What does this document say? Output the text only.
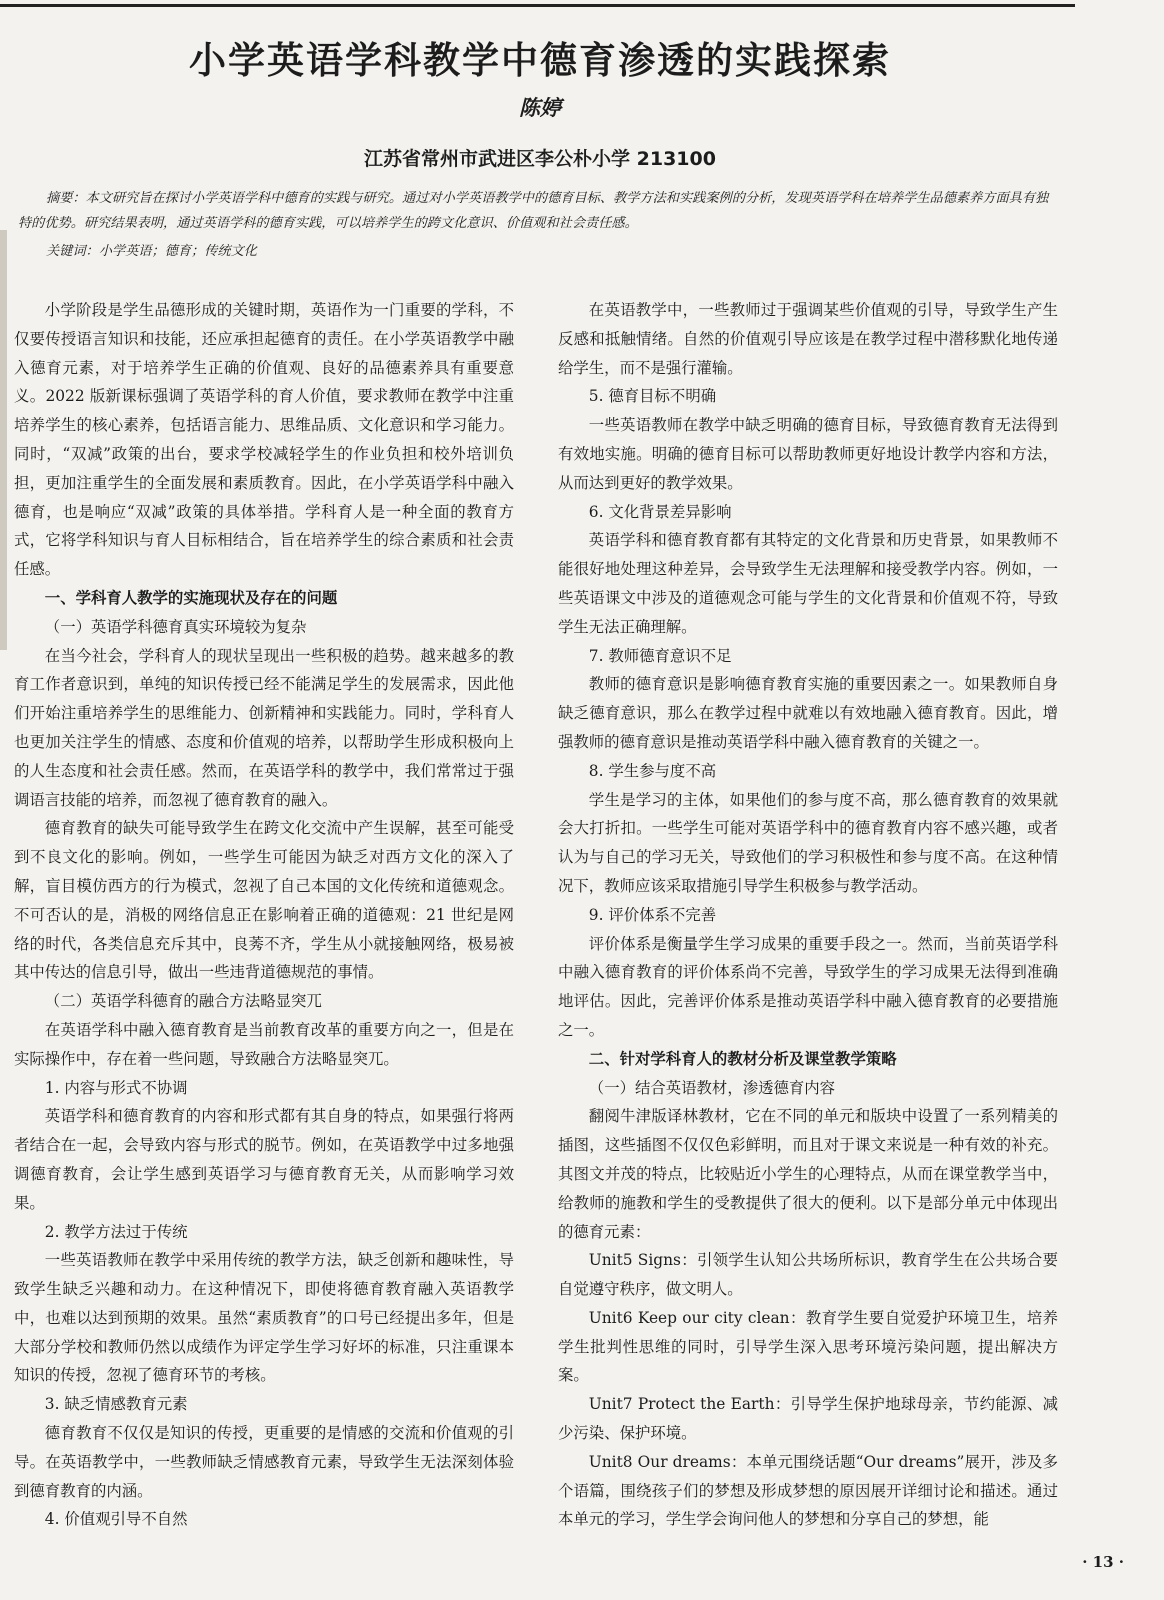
小学英语学科教学中德育渗透的实践探索
陈婷
江苏省常州市武进区李公朴小学 213100

摘要：本文研究旨在探讨小学英语学科中德育的实践与研究。通过对小学英语教学中的德育目标、教学方法和实践案例的分析，发现英语学科在培养学生品德素养方面具有独特的优势。研究结果表明，通过英语学科的德育实践，可以培养学生的跨文化意识、价值观和社会责任感。

关键词：小学英语；德育；传统文化

小学阶段是学生品德形成的关键时期，英语作为一门重要的学科，不仅要传授语言知识和技能，还应承担起德育的责任。在小学英语教学中融入德育元素，对于培养学生正确的价值观、良好的品德素养具有重要意义。2022 版新课标强调了英语学科的育人价值，要求教师在教学中注重培养学生的核心素养，包括语言能力、思维品质、文化意识和学习能力。同时，“双减”政策的出台，要求学校减轻学生的作业负担和校外培训负担，更加注重学生的全面发展和素质教育。因此，在小学英语学科中融入德育，也是响应“双减”政策的具体举措。学科育人是一种全面的教育方式，它将学科知识与育人目标相结合，旨在培养学生的综合素质和社会责任感。

一、学科育人教学的实施现状及存在的问题

（一）英语学科德育真实环境较为复杂

在当今社会，学科育人的现状呈现出一些积极的趋势。越来越多的教育工作者意识到，单纯的知识传授已经不能满足学生的发展需求，因此他们开始注重培养学生的思维能力、创新精神和实践能力。同时，学科育人也更加关注学生的情感、态度和价值观的培养，以帮助学生形成积极向上的人生态度和社会责任感。然而，在英语学科的教学中，我们常常过于强调语言技能的培养，而忽视了德育教育的融入。

德育教育的缺失可能导致学生在跨文化交流中产生误解，甚至可能受到不良文化的影响。例如，一些学生可能因为缺乏对西方文化的深入了解，盲目模仿西方的行为模式，忽视了自己本国的文化传统和道德观念。不可否认的是，消极的网络信息正在影响着正确的道德观：21 世纪是网络的时代，各类信息充斥其中，良莠不齐，学生从小就接触网络，极易被其中传达的信息引导，做出一些违背道德规范的事情。

（二）英语学科德育的融合方法略显突兀

在英语学科中融入德育教育是当前教育改革的重要方向之一，但是在实际操作中，存在着一些问题，导致融合方法略显突兀。

1. 内容与形式不协调

英语学科和德育教育的内容和形式都有其自身的特点，如果强行将两者结合在一起，会导致内容与形式的脱节。例如，在英语教学中过多地强调德育教育，会让学生感到英语学习与德育教育无关，从而影响学习效果。

2. 教学方法过于传统

一些英语教师在教学中采用传统的教学方法，缺乏创新和趣味性，导致学生缺乏兴趣和动力。在这种情况下，即使将德育教育融入英语教学中，也难以达到预期的效果。虽然“素质教育”的口号已经提出多年，但是大部分学校和教师仍然以成绩作为评定学生学习好坏的标准，只注重课本知识的传授，忽视了德育环节的考核。

3. 缺乏情感教育元素

德育教育不仅仅是知识的传授，更重要的是情感的交流和价值观的引导。在英语教学中，一些教师缺乏情感教育元素，导致学生无法深刻体验到德育教育的内涵。

4. 价值观引导不自然

在英语教学中，一些教师过于强调某些价值观的引导，导致学生产生反感和抵触情绪。自然的价值观引导应该是在教学过程中潜移默化地传递给学生，而不是强行灌输。

5. 德育目标不明确

一些英语教师在教学中缺乏明确的德育目标，导致德育教育无法得到有效地实施。明确的德育目标可以帮助教师更好地设计教学内容和方法，从而达到更好的教学效果。

6. 文化背景差异影响

英语学科和德育教育都有其特定的文化背景和历史背景，如果教师不能很好地处理这种差异，会导致学生无法理解和接受教学内容。例如，一些英语课文中涉及的道德观念可能与学生的文化背景和价值观不符，导致学生无法正确理解。

7. 教师德育意识不足

教师的德育意识是影响德育教育实施的重要因素之一。如果教师自身缺乏德育意识，那么在教学过程中就难以有效地融入德育教育。因此，增强教师的德育意识是推动英语学科中融入德育教育的关键之一。

8. 学生参与度不高

学生是学习的主体，如果他们的参与度不高，那么德育教育的效果就会大打折扣。一些学生可能对英语学科中的德育教育内容不感兴趣，或者认为与自己的学习无关，导致他们的学习积极性和参与度不高。在这种情况下，教师应该采取措施引导学生积极参与教学活动。

9. 评价体系不完善

评价体系是衡量学生学习成果的重要手段之一。然而，当前英语学科中融入德育教育的评价体系尚不完善，导致学生的学习成果无法得到准确地评估。因此，完善评价体系是推动英语学科中融入德育教育的必要措施之一。

二、针对学科育人的教材分析及课堂教学策略

（一）结合英语教材，渗透德育内容

翻阅牛津版译林教材，它在不同的单元和版块中设置了一系列精美的插图，这些插图不仅仅色彩鲜明，而且对于课文来说是一种有效的补充。其图文并茂的特点，比较贴近小学生的心理特点，从而在课堂教学当中，给教师的施教和学生的受教提供了很大的便利。以下是部分单元中体现出的德育元素：

Unit5 Signs：引领学生认知公共场所标识，教育学生在公共场合要自觉遵守秩序，做文明人。

Unit6 Keep our city clean：教育学生要自觉爱护环境卫生，培养学生批判性思维的同时，引导学生深入思考环境污染问题，提出解决方案。

Unit7 Protect the Earth：引导学生保护地球母亲，节约能源、减少污染、保护环境。

Unit8 Our dreams：本单元围绕话题“Our dreams”展开，涉及多个语篇，围绕孩子们的梦想及形成梦想的原因展开详细讨论和描述。通过本单元的学习，学生学会询问他人的梦想和分享自己的梦想，能

· 13 ·
